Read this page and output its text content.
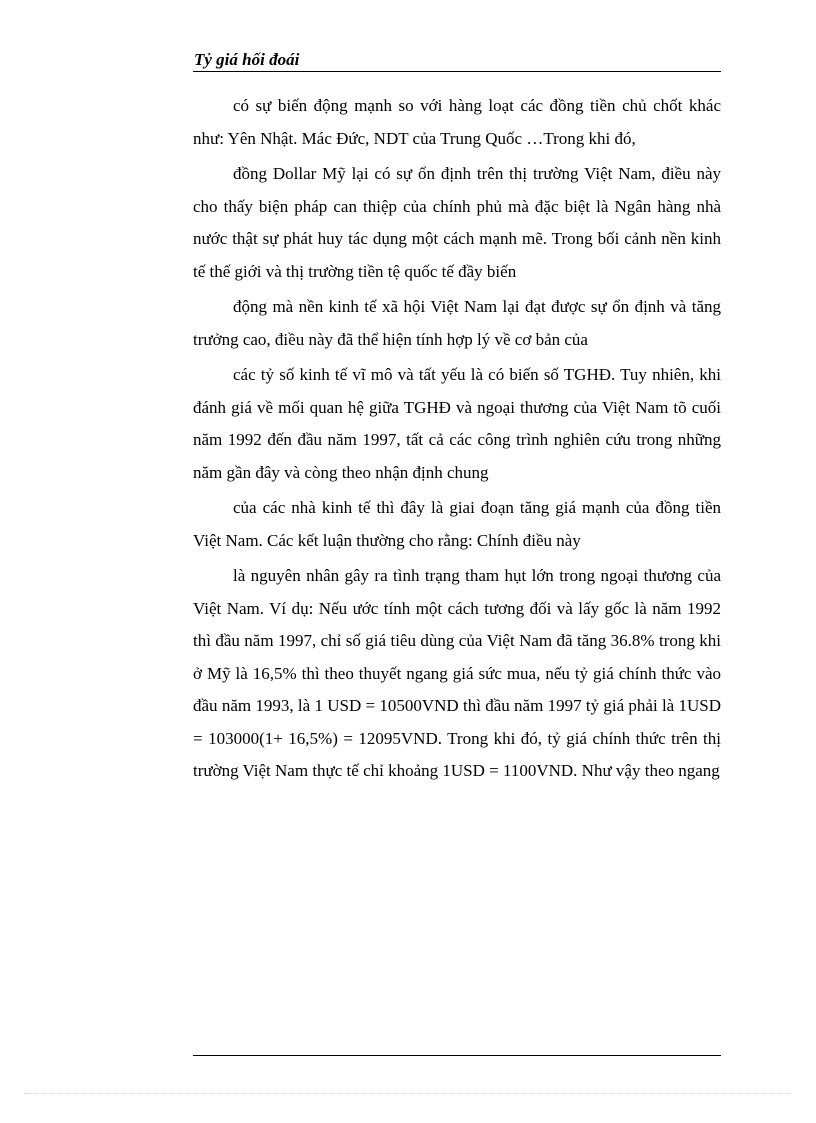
Tỷ giá hối đoái

có sự biến động mạnh so với hàng loạt các đồng tiền chủ chốt khác như: Yên Nhật. Mác Đức, NDT của Trung Quốc …Trong khi đó,

đồng Dollar Mỹ lại có sự ổn định trên thị trường Việt Nam, điều này cho thấy biện pháp can thiệp của chính phủ mà đặc biệt là Ngân hàng nhà nước thật sự phát huy tác dụng một cách mạnh mẽ. Trong bối cảnh nền kinh tế thế giới và thị trường tiền tệ quốc tế đầy biến

động mà nền kinh tế xã hội Việt Nam lại đạt được sự ổn định và tăng trưởng cao, điều này đã thể hiện tính hợp lý về cơ bản của

các tỷ số kinh tế vĩ mô và tất yếu là có biến số TGHĐ. Tuy nhiên, khi đánh giá về mối quan hệ giữa TGHĐ và ngoại thương của Việt Nam tõ cuối năm 1992 đến đầu năm 1997, tất cả các công trình nghiên cứu trong những năm gần đây và còng theo nhận định chung

của các nhà kinh tế thì đây là giai đoạn tăng giá mạnh của đồng tiền Việt Nam. Các kết luận thường cho rằng: Chính điều này

là nguyên nhân gây ra tình trạng tham hụt lớn trong ngoại thương của Việt Nam. Ví dụ: Nếu ước tính một cách tương đối và lấy gốc là năm 1992 thì đầu năm 1997, chỉ số giá tiêu dùng của Việt Nam đã tăng 36.8% trong khi ở Mỹ là 16,5% thì theo thuyết ngang giá sức mua, nếu tỷ giá chính thức vào đầu năm 1993, là 1 USD = 10500VND thì đầu năm 1997 tỷ giá phải là 1USD = 103000(1+ 16,5%) = 12095VND. Trong khi đó, tỷ giá chính thức trên thị trường Việt Nam thực tế chỉ khoảng 1USD = 1100VND. Như vậy theo ngang
